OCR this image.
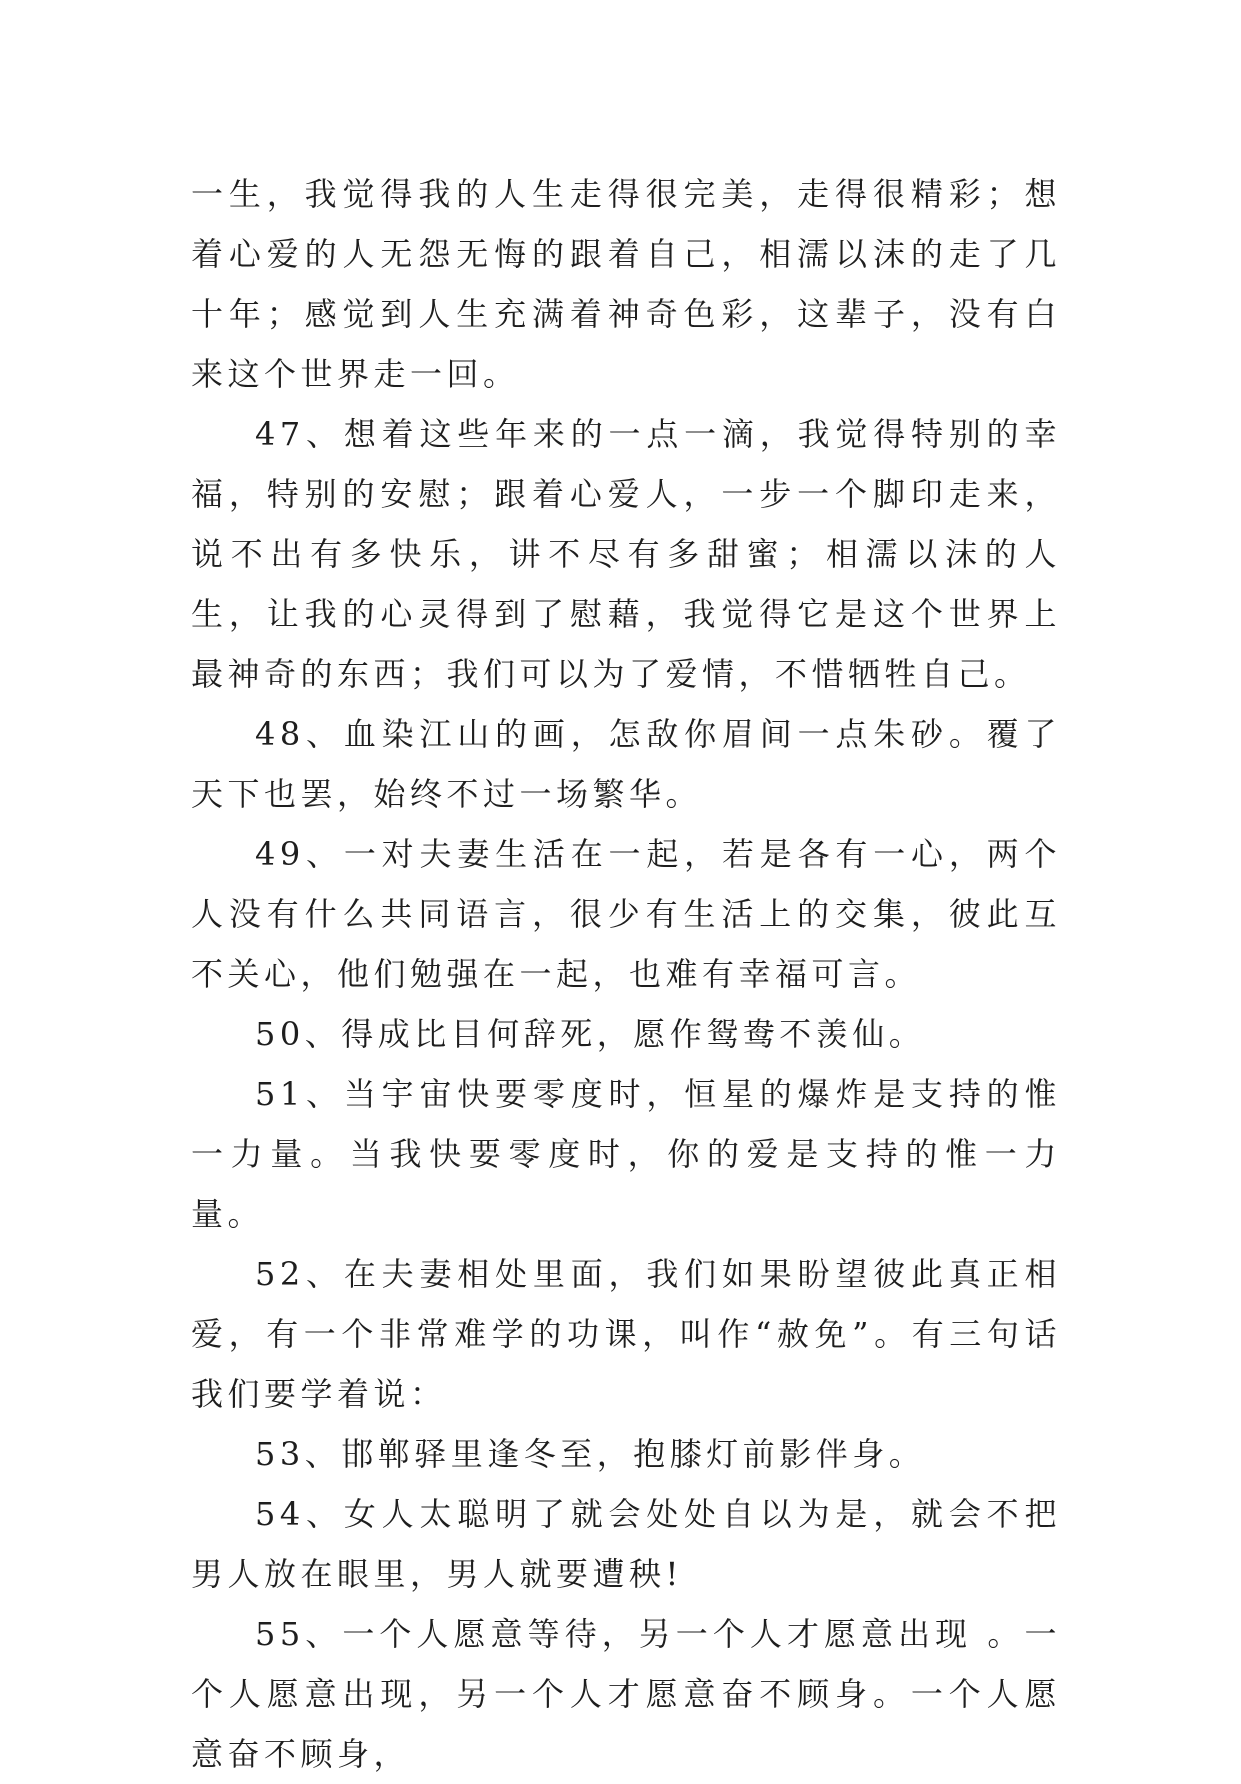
一生，我觉得我的人生走得很完美，走得很精彩；想着心爱的人无怨无悔的跟着自己，相濡以沫的走了几十年；感觉到人生充满着神奇色彩，这辈子，没有白来这个世界走一回。

47、想着这些年来的一点一滴，我觉得特别的幸福，特别的安慰；跟着心爱人，一步一个脚印走来，说不出有多快乐，讲不尽有多甜蜜；相濡以沫的人生，让我的心灵得到了慰藉，我觉得它是这个世界上最神奇的东西；我们可以为了爱情，不惜牺牲自己。

48、血染江山的画，怎敌你眉间一点朱砂。覆了天下也罢，始终不过一场繁华。

49、一对夫妻生活在一起，若是各有一心，两个人没有什么共同语言，很少有生活上的交集，彼此互不关心，他们勉强在一起，也难有幸福可言。

50、得成比目何辞死，愿作鸳鸯不羡仙。

51、当宇宙快要零度时，恒星的爆炸是支持的惟一力量。当我快要零度时，你的爱是支持的惟一力量。

52、在夫妻相处里面，我们如果盼望彼此真正相爱，有一个非常难学的功课，叫作“赦免”。有三句话我们要学着说：

53、邯郸驿里逢冬至，抱膝灯前影伴身。

54、女人太聪明了就会处处自以为是，就会不把男人放在眼里，男人就要遭秧!

55、一个人愿意等待，另一个人才愿意出现 。一个人愿意出现，另一个人才愿意奋不顾身。一个人愿意奋不顾身，
